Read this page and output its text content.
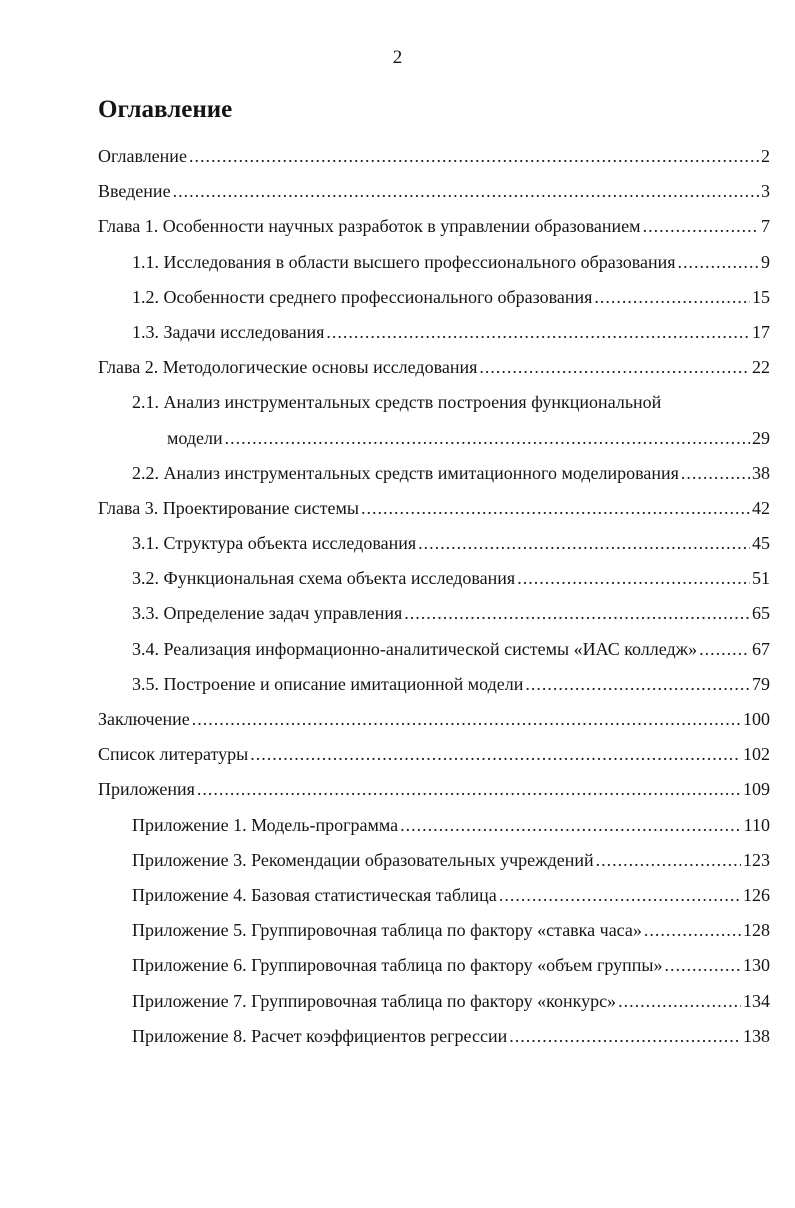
2
Оглавление
Оглавление .....	2
Введение .....	3
Глава 1. Особенности научных разработок в управлении образованием .....	7
1.1. Исследования в области высшего профессионального образования .....	9
1.2. Особенности среднего профессионального образования .....	15
1.3. Задачи исследования .....	17
Глава 2. Методологические основы исследования .....	22
2.1. Анализ инструментальных средств построения функциональной
модели .....	29
2.2. Анализ инструментальных средств имитационного моделирования .....	38
Глава 3. Проектирование системы .....	42
3.1. Структура объекта исследования .....	45
3.2. Функциональная схема объекта исследования .....	51
3.3. Определение задач управления .....	65
3.4. Реализация информационно-аналитической системы «ИАС колледж» .....	67
3.5. Построение и описание имитационной модели .....	79
Заключение .....	100
Список литературы .....	102
Приложения .....	109
Приложение 1. Модель-программа .....	110
Приложение 3. Рекомендации образовательных учреждений .....	123
Приложение 4. Базовая статистическая таблица .....	126
Приложение 5. Группировочная таблица по фактору «ставка часа» .....	128
Приложение 6. Группировочная таблица по фактору «объем группы» .....	130
Приложение 7. Группировочная таблица по фактору «конкурс» .....	134
Приложение 8. Расчет коэффициентов регрессии .....	138
